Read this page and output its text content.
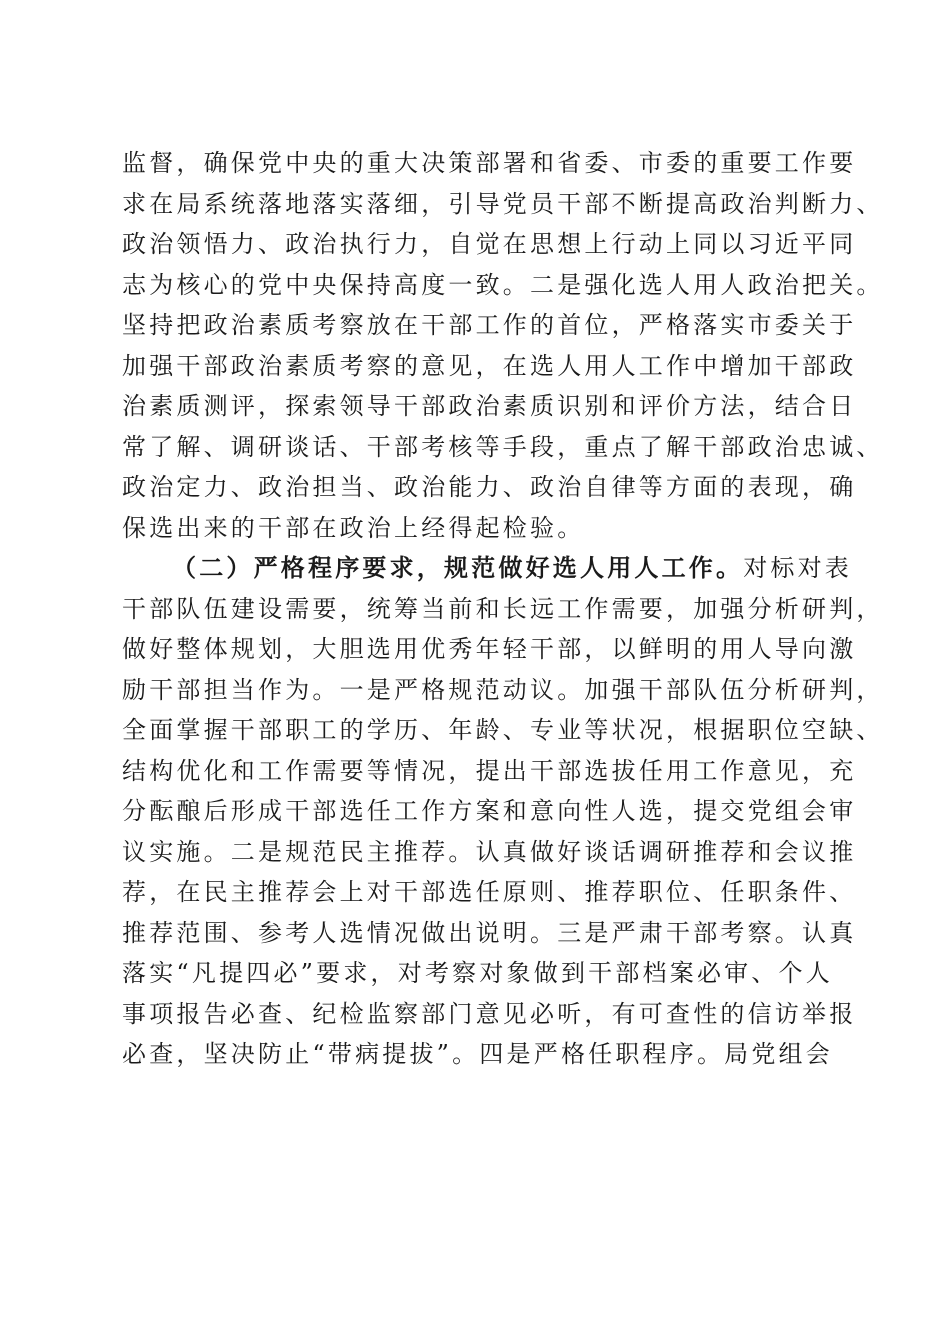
监督，确保党中央的重大决策部署和省委、市委的重要工作要
求在局系统落地落实落细，引导党员干部不断提高政治判断力、
政治领悟力、政治执行力，自觉在思想上行动上同以习近平同
志为核心的党中央保持高度一致。二是强化选人用人政治把关。
坚持把政治素质考察放在干部工作的首位，严格落实市委关于
加强干部政治素质考察的意见，在选人用人工作中增加干部政
治素质测评，探索领导干部政治素质识别和评价方法，结合日
常了解、调研谈话、干部考核等手段，重点了解干部政治忠诚、
政治定力、政治担当、政治能力、政治自律等方面的表现，确
保选出来的干部在政治上经得起检验。
（二）严格程序要求，规范做好选人用人工作。对标对表
干部队伍建设需要，统筹当前和长远工作需要，加强分析研判，
做好整体规划，大胆选用优秀年轻干部，以鲜明的用人导向激
励干部担当作为。一是严格规范动议。加强干部队伍分析研判，
全面掌握干部职工的学历、年龄、专业等状况，根据职位空缺、
结构优化和工作需要等情况，提出干部选拔任用工作意见，充
分酝酿后形成干部选任工作方案和意向性人选，提交党组会审
议实施。二是规范民主推荐。认真做好谈话调研推荐和会议推
荐，在民主推荐会上对干部选任原则、推荐职位、任职条件、
推荐范围、参考人选情况做出说明。三是严肃干部考察。认真
落实“凡提四必”要求，对考察对象做到干部档案必审、个人
事项报告必查、纪检监察部门意见必听，有可查性的信访举报
必查，坚决防止“带病提拔”。四是严格任职程序。局党组会
